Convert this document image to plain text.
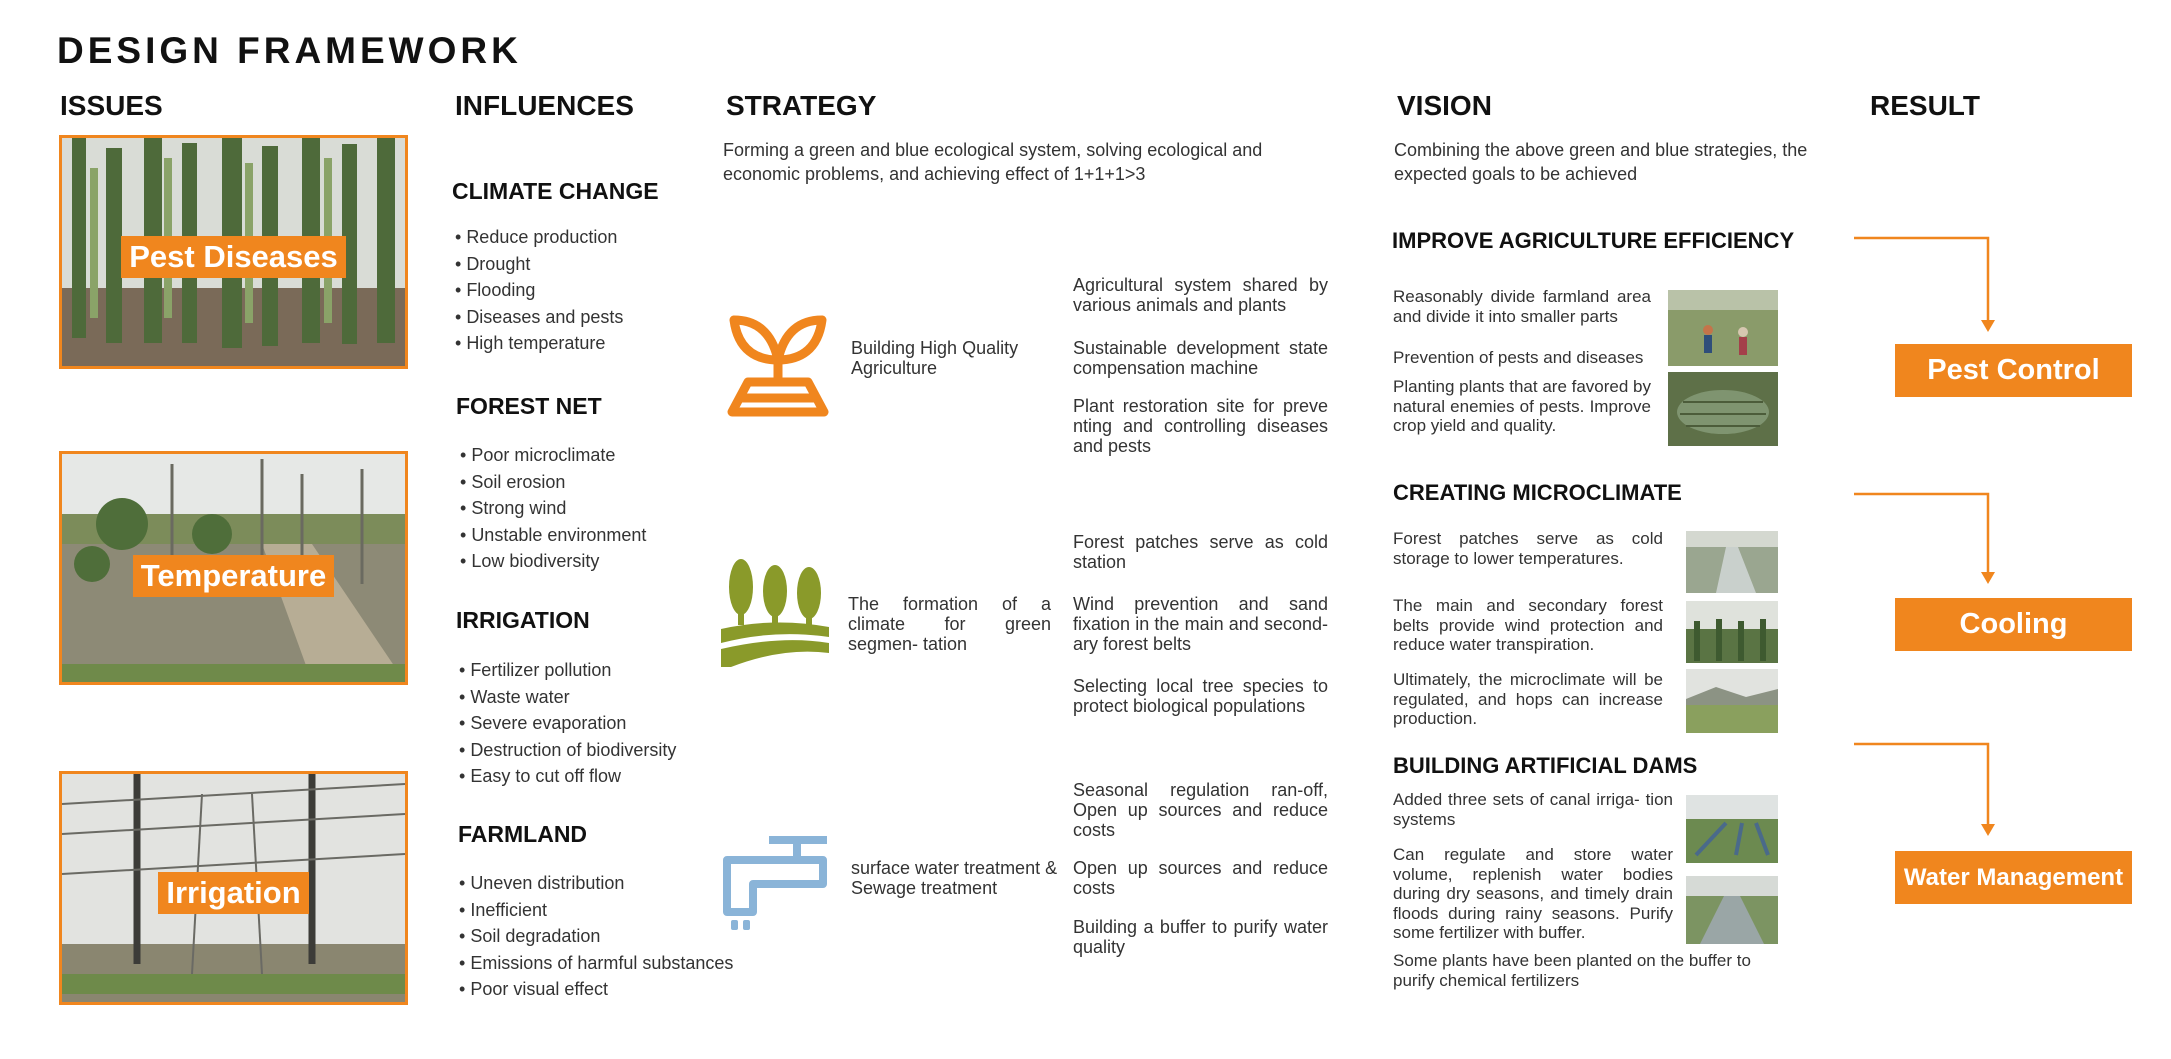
DESIGN FRAMEWORK
ISSUES	INFLUENCES	STRATEGY	VISION	RESULT
Pest Diseases
Temperature
Irrigation
CLIMATE CHANGE
• Reduce production
• Drought
• Flooding
• Diseases and pests
• High temperature
FOREST NET
• Poor microclimate
• Soil erosion
• Strong wind
• Unstable environment
• Low biodiversity
IRRIGATION
• Fertilizer pollution
• Waste water
• Severe evaporation
• Destruction of biodiversity
• Easy to cut off flow
FARMLAND
• Uneven distribution
• Inefficient
• Soil degradation
• Emissions of harmful substances
• Poor visual effect
Forming a green and blue ecological system, solving ecological and economic problems, and achieving effect of 1+1+1>3
Building High Quality Agriculture
Agricultural system shared by various animals and plants
Sustainable development state compensation machine
Plant restoration site for preve nting and controlling diseases and pests
The formation of a climate for green segmen- tation
Forest patches serve as cold station
Wind prevention and sand fixation in the main and second- ary forest belts
Selecting local tree species to protect biological populations
surface water treatment & Sewage treatment
Seasonal regulation ran-off, Open up sources and reduce costs
Open up sources and reduce costs
Building a buffer to purify water quality
Combining the above green and blue strategies, the expected goals to be achieved
IMPROVE AGRICULTURE EFFICIENCY
Reasonably divide farmland area and divide it into smaller parts
Prevention of pests and diseases
Planting plants that are favored by natural enemies of pests. Improve crop yield and quality.
CREATING MICROCLIMATE
Forest patches serve as cold storage to lower temperatures.
The main and secondary forest belts provide wind protection and reduce water transpiration.
Ultimately, the microclimate will be regulated, and hops can increase production.
BUILDING ARTIFICIAL DAMS
Added three sets of canal irriga- tion systems
Can regulate and store water volume, replenish water bodies during dry seasons, and timely drain floods during rainy seasons. Purify some fertilizer with buffer.
Some plants have been planted on the buffer to purify chemical fertilizers
Pest Control
Cooling
Water Management
